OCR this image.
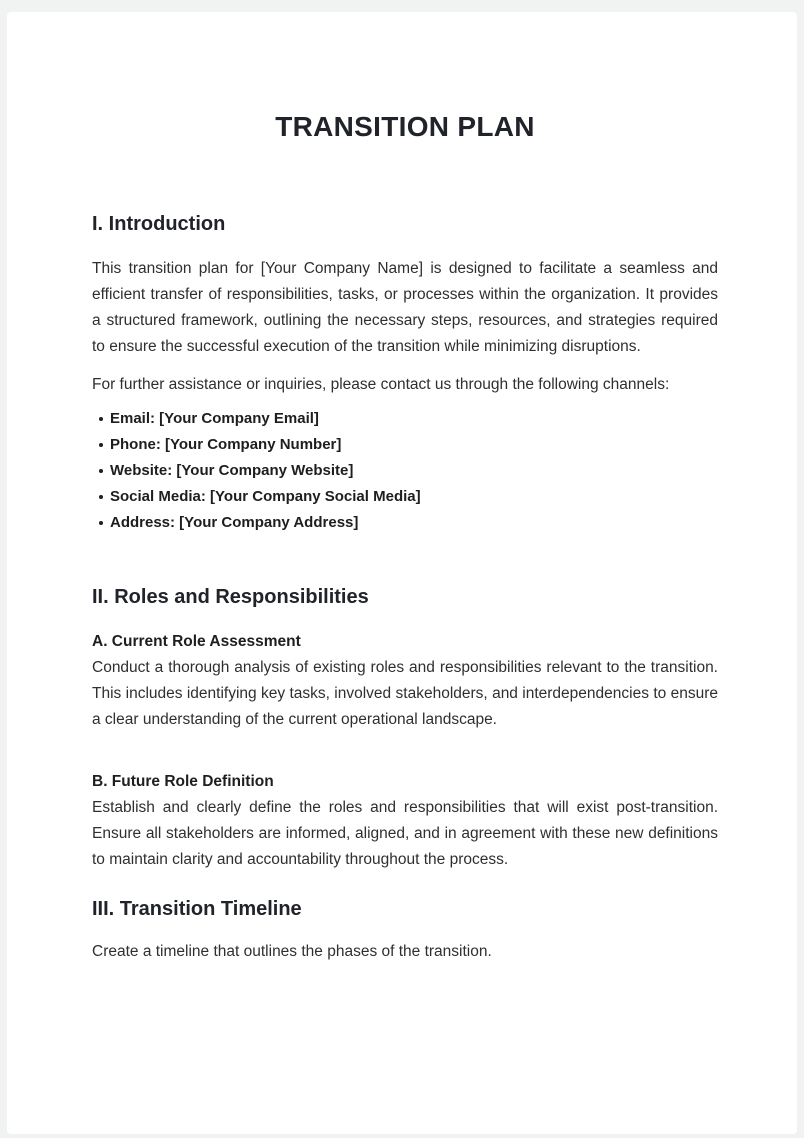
TRANSITION PLAN
I. Introduction

This transition plan for [Your Company Name] is designed to facilitate a seamless and efficient transfer of responsibilities, tasks, or processes within the organization. It provides a structured framework, outlining the necessary steps, resources, and strategies required to ensure the successful execution of the transition while minimizing disruptions.

For further assistance or inquiries, please contact us through the following channels:

Email: [Your Company Email]
Phone: [Your Company Number]
Website: [Your Company Website]
Social Media: [Your Company Social Media]
Address: [Your Company Address]
II. Roles and Responsibilities
A. Current Role Assessment

Conduct a thorough analysis of existing roles and responsibilities relevant to the transition. This includes identifying key tasks, involved stakeholders, and interdependencies to ensure a clear understanding of the current operational landscape.

B. Future Role Definition

Establish and clearly define the roles and responsibilities that will exist post-transition. Ensure all stakeholders are informed, aligned, and in agreement with these new definitions to maintain clarity and accountability throughout the process.

III. Transition Timeline

Create a timeline that outlines the phases of the transition.
